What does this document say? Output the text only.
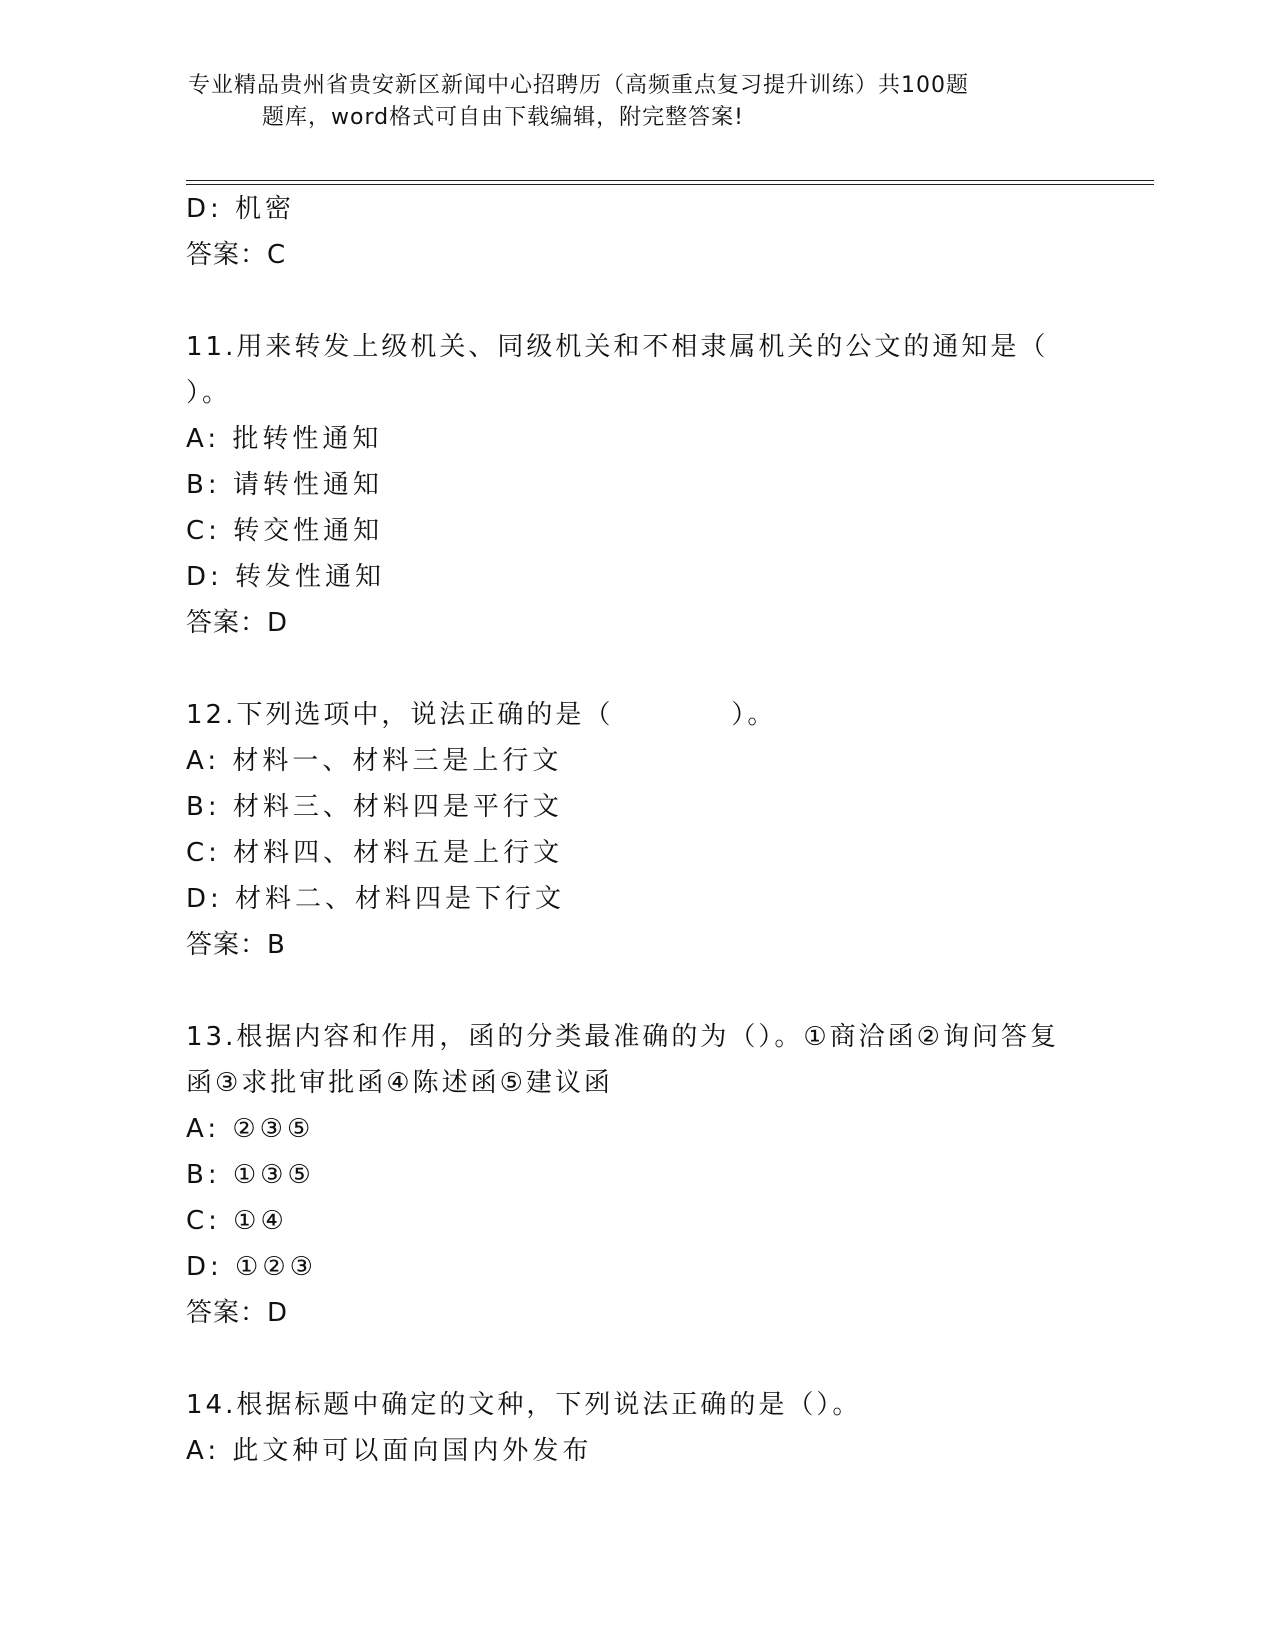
专业精品贵州省贵安新区新闻中心招聘历（高频重点复习提升训练）共100题
题库，word格式可自由下载编辑，附完整答案!
D: 机密
答案：C
11.用来转发上级机关、同级机关和不相隶属机关的公文的通知是（
）。
A: 批转性通知
B: 请转性通知
C: 转交性通知
D: 转发性通知
答案：D
12.下列选项中，说法正确的是（	）。
A: 材料一、材料三是上行文
B: 材料三、材料四是平行文
C: 材料四、材料五是上行文
D: 材料二、材料四是下行文
答案：B
13.根据内容和作用，函的分类最准确的为（）。①商洽函②询问答复
函③求批审批函④陈述函⑤建议函
A: ②③⑤
B: ①③⑤
C: ①④
D: ①②③
答案：D
14.根据标题中确定的文种，下列说法正确的是（）。
A: 此文种可以面向国内外发布
